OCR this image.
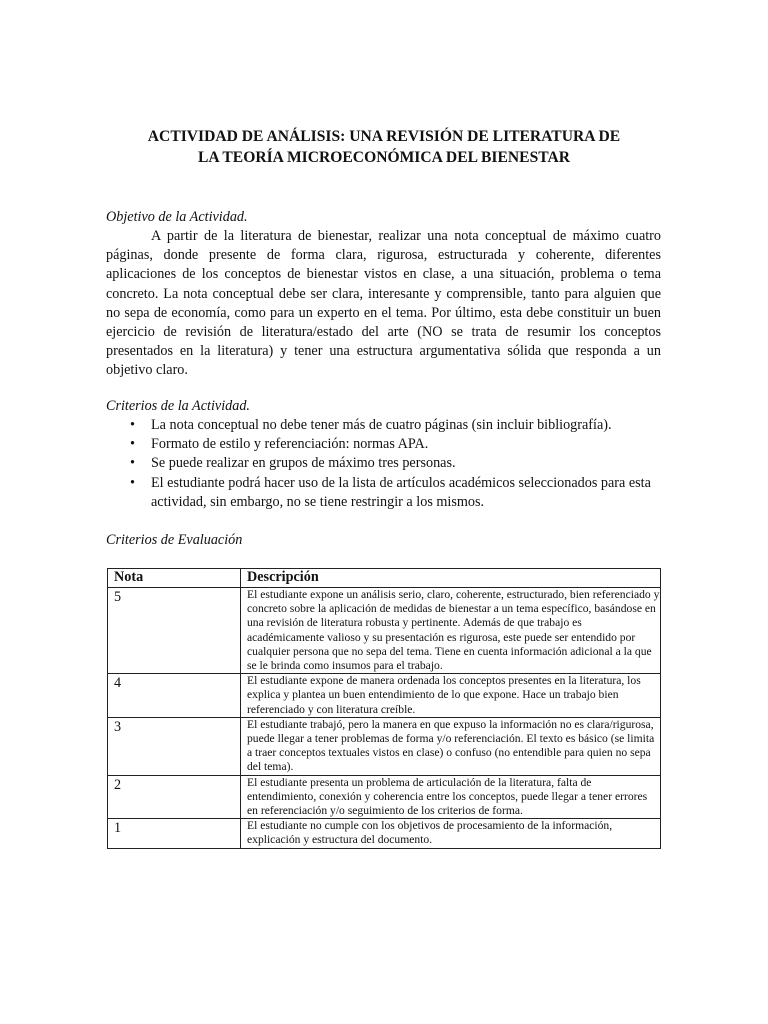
ACTIVIDAD DE ANÁLISIS: UNA REVISIÓN DE LITERATURA DE
LA TEORÍA MICROECONÓMICA DEL BIENESTAR

Objetivo de la Actividad.

A partir de la literatura de bienestar, realizar una nota conceptual de máximo cuatro páginas, donde presente de forma clara, rigurosa, estructurada y coherente, diferentes aplicaciones de los conceptos de bienestar vistos en clase, a una situación, problema o tema concreto. La nota conceptual debe ser clara, interesante y comprensible, tanto para alguien que no sepa de economía, como para un experto en el tema. Por último, esta debe constituir un buen ejercicio de revisión de literatura/estado del arte (NO se trata de resumir los conceptos presentados en la literatura) y tener una estructura argumentativa sólida que responda a un objetivo claro.

Criterios de la Actividad.

• La nota conceptual no debe tener más de cuatro páginas (sin incluir bibliografía).
• Formato de estilo y referenciación: normas APA.
• Se puede realizar en grupos de máximo tres personas.
• El estudiante podrá hacer uso de la lista de artículos académicos seleccionados para esta actividad, sin embargo, no se tiene restringir a los mismos.

Criterios de Evaluación

Nota	Descripción
5	El estudiante expone un análisis serio, claro, coherente, estructurado, bien referenciado y concreto sobre la aplicación de medidas de bienestar a un tema específico, basándose en una revisión de literatura robusta y pertinente. Además de que trabajo es académicamente valioso y su presentación es rigurosa, este puede ser entendido por cualquier persona que no sepa del tema. Tiene en cuenta información adicional a la que se le brinda como insumos para el trabajo.
4	El estudiante expone de manera ordenada los conceptos presentes en la literatura, los explica y plantea un buen entendimiento de lo que expone. Hace un trabajo bien referenciado y con literatura creíble.
3	El estudiante trabajó, pero la manera en que expuso la información no es clara/rigurosa, puede llegar a tener problemas de forma y/o referenciación. El texto es básico (se limita a traer conceptos textuales vistos en clase) o confuso (no entendible para quien no sepa del tema).
2	El estudiante presenta un problema de articulación de la literatura, falta de entendimiento, conexión y coherencia entre los conceptos, puede llegar a tener errores en referenciación y/o seguimiento de los criterios de forma.
1	El estudiante no cumple con los objetivos de procesamiento de la información, explicación y estructura del documento.
